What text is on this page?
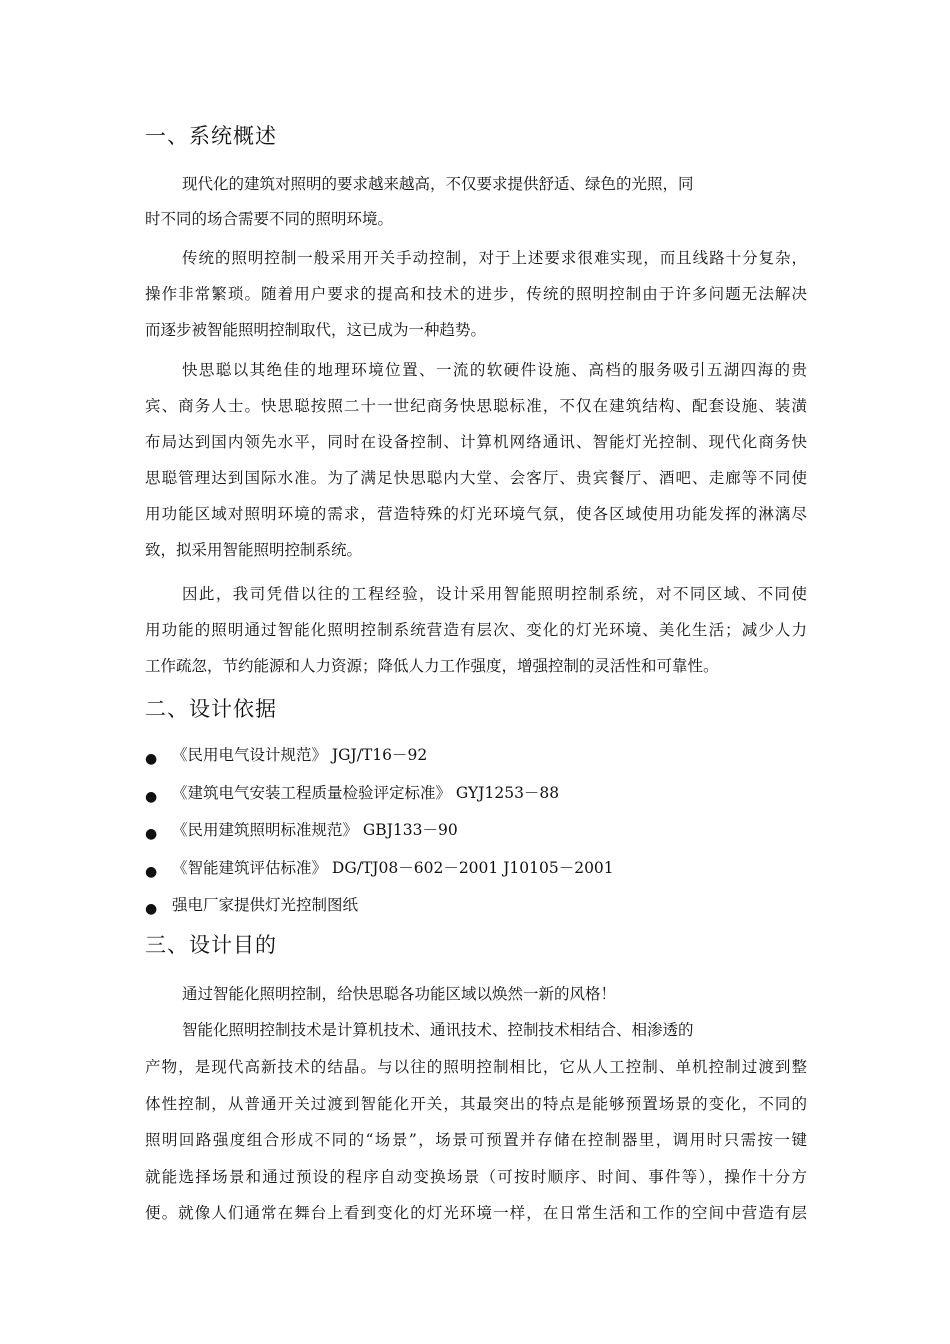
一、系统概述
现代化的建筑对照明的要求越来越高，不仅要求提供舒适、绿色的光照，同
时不同的场合需要不同的照明环境。
传统的照明控制一般采用开关手动控制，对于上述要求很难实现，而且线路十分复杂，
操作非常繁琐。随着用户要求的提高和技术的进步，传统的照明控制由于许多问题无法解决
而逐步被智能照明控制取代，这已成为一种趋势。
快思聪以其绝佳的地理环境位置、一流的软硬件设施、高档的服务吸引五湖四海的贵
宾、商务人士。快思聪按照二十一世纪商务快思聪标准，不仅在建筑结构、配套设施、装潢
布局达到国内领先水平，同时在设备控制、计算机网络通讯、智能灯光控制、现代化商务快
思聪管理达到国际水准。为了满足快思聪内大堂、会客厅、贵宾餐厅、酒吧、走廊等不同使
用功能区域对照明环境的需求，营造特殊的灯光环境气氛，使各区域使用功能发挥的淋漓尽
致，拟采用智能照明控制系统。
因此，我司凭借以往的工程经验，设计采用智能照明控制系统，对不同区域、不同使
用功能的照明通过智能化照明控制系统营造有层次、变化的灯光环境、美化生活；减少人力
工作疏忽，节约能源和人力资源；降低人力工作强度，增强控制的灵活性和可靠性。
二、设计依据
● 《民用电气设计规范》 JGJ/T16－92
● 《建筑电气安装工程质量检验评定标准》 GYJ1253－88
● 《民用建筑照明标准规范》 GBJ133－90
● 《智能建筑评估标准》 DG/TJ08－602－2001 J10105－2001
● 强电厂家提供灯光控制图纸
三、设计目的
通过智能化照明控制，给快思聪各功能区域以焕然一新的风格！
智能化照明控制技术是计算机技术、通讯技术、控制技术相结合、相渗透的
产物，是现代高新技术的结晶。与以往的照明控制相比，它从人工控制、单机控制过渡到整
体性控制，从普通开关过渡到智能化开关，其最突出的特点是能够预置场景的变化，不同的
照明回路强度组合形成不同的“场景”，场景可预置并存储在控制器里，调用时只需按一键
就能选择场景和通过预设的程序自动变换场景（可按时顺序、时间、事件等），操作十分方
便。就像人们通常在舞台上看到变化的灯光环境一样，在日常生活和工作的空间中营造有层
